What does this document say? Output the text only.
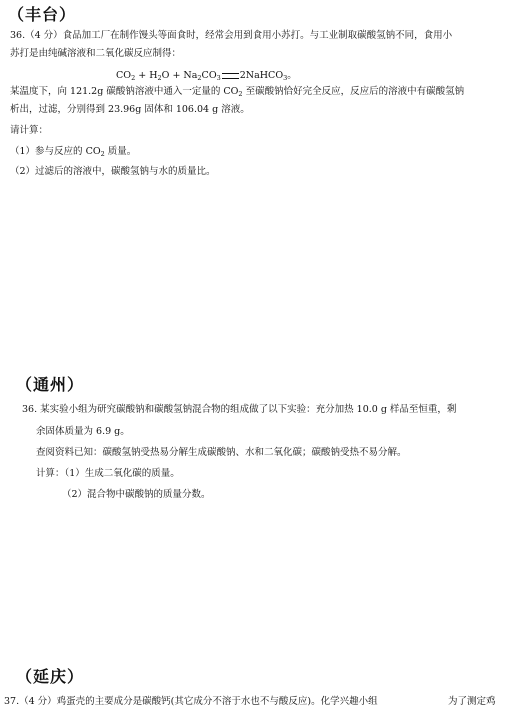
（丰台）
36.（4 分）食品加工厂在制作馒头等面食时，经常会用到食用小苏打。与工业制取碳酸氢钠不同，食用小
苏打是由纯碱溶液和二氧化碳反应制得：
$CO_2 + H_2O + Na_2CO_3$ 2NaHCO$_3$。
某温度下，向 121.2g 碳酸钠溶液中通入一定量的 $CO_2$ 至碳酸钠恰好完全反应，反应后的溶液中有碳酸氢钠
析出，过滤，分别得到 23.96g 固体和 106.04 g 溶液。
请计算：
（1）参与反应的 $CO_2$ 质量。
（2）过滤后的溶液中，碳酸氢钠与水的质量比。
（通州）
36. 某实验小组为研究碳酸钠和碳酸氢钠混合物的组成做了以下实验：充分加热 10.0 g 样品至恒重，剩
余固体质量为 6.9 g。
查阅资料已知：碳酸氢钠受热易分解生成碳酸钠、水和二氧化碳；碳酸钠受热不易分解。
计算：（1）生成二氧化碳的质量。
（2）混合物中碳酸钠的质量分数。
（延庆）
37.（4 分）鸡蛋壳的主要成分是碳酸钙(其它成分不溶于水也不与酸反应)。化学兴趣小组	为了测定鸡
